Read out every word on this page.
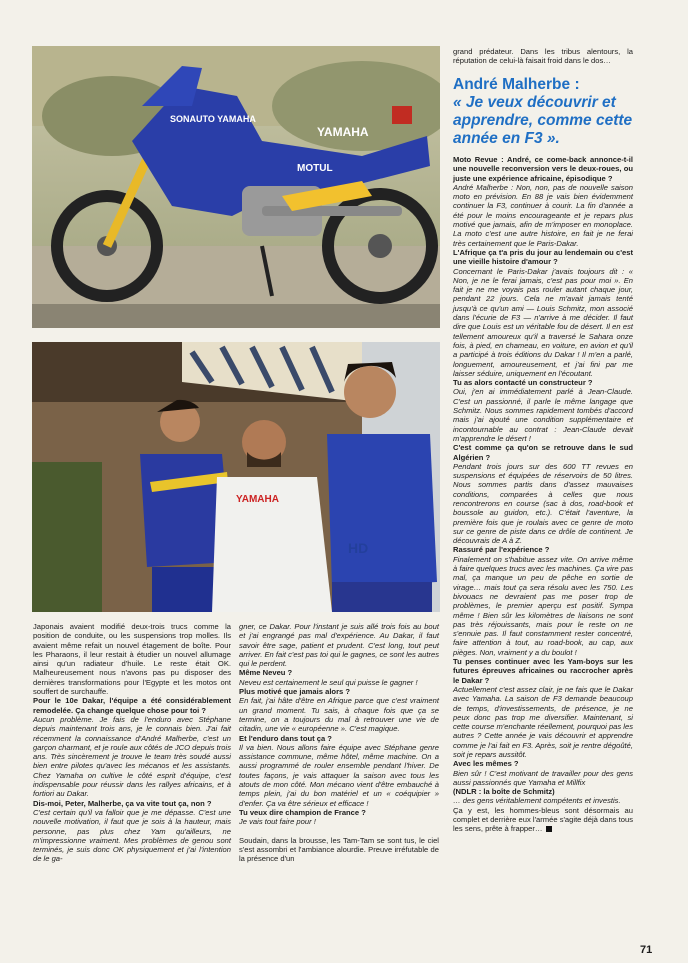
SONAUTO YAMAHA
YAMAHA
MOTUL
YAMAHA
HD
André Malherbe :
« Je veux découvrir et apprendre, comme cette année en F3 ».

grand prédateur. Dans les tribus alentours, la réputation de celui-là faisait froid dans le dos…

Moto Revue : André, ce come-back annonce-t-il une nouvelle reconversion vers le deux-roues, ou juste une expérience africaine, épisodique ?

André Malherbe : Non, non, pas de nouvelle saison moto en prévision. En 88 je vais bien évidemment continuer la F3, continuer à courir. La fin d'année a été pour le moins encourageante et je repars plus motivé que jamais, afin de m'imposer en monoplace. La moto c'est une autre histoire, en fait je ne ferai très certainement que le Paris-Dakar.

L'Afrique ça t'a pris du jour au lendemain ou c'est une vieille histoire d'amour ?

Concernant le Paris-Dakar j'avais toujours dit : « Non, je ne le ferai jamais, c'est pas pour moi ». En fait je ne me voyais pas rouler autant chaque jour, pendant 22 jours. Cela ne m'avait jamais tenté jusqu'à ce qu'un ami — Louis Schmitz, mon associé dans l'écurie de F3 — n'arrive à me décider. Il faut dire que Louis est un véritable fou de désert. Il en est tellement amoureux qu'il a traversé le Sahara onze fois, à pied, en chameau, en voiture, en avion et qu'il a participé à trois éditions du Dakar ! Il m'en a parlé, longuement, amoureusement, et j'ai fini par me laisser séduire, uniquement en l'écoutant.

Tu as alors contacté un constructeur ?

Oui, j'en ai immédiatement parlé à Jean-Claude. C'est un passionné, il parle le même langage que Schmitz. Nous sommes rapidement tombés d'accord mais j'ai ajouté une condition supplémentaire et incontournable au contrat : Jean-Claude devait m'apprendre le désert !

C'est comme ça qu'on se retrouve dans le sud Algérien ?

Pendant trois jours sur des 600 TT revues en suspensions et équipées de réservoirs de 50 litres. Nous sommes partis dans d'assez mauvaises conditions, comparées à celles que nous rencontrerons en course (sac à dos, road-book et boussole au guidon, etc.). C'était l'aventure, la première fois que je roulais avec ce genre de moto sur ce genre de piste dans ce drôle de continent. Je découvrais de A à Z.

Rassuré par l'expérience ?

Finalement on s'habitue assez vite. On arrive même à faire quelques trucs avec les machines. Ça vire pas mal, ça manque un peu de pêche en sortie de virage… mais tout ça sera résolu avec les 750. Les bivouacs ne devraient pas me poser trop de problèmes, le premier aperçu est positif. Sympa même ! Bien sûr les kilomètres de liaisons ne sont pas très réjouissants, mais pour le reste on ne s'ennuie pas. Il faut constamment rester concentré, faire attention à tout, au road-book, au cap, aux pièges. Non, vraiment y a du boulot !

Tu penses continuer avec les Yam-boys sur les futures épreuves africaines ou raccrocher après le Dakar ?

Actuellement c'est assez clair, je ne fais que le Dakar avec Yamaha. La saison de F3 demande beaucoup de temps, d'investissements, de présence, je ne peux donc pas trop me diversifier. Maintenant, si cette course m'enchante réellement, pourquoi pas les autres ? Cette année je vais découvrir et apprendre comme je l'ai fait en F3. Après, soit je rentre dégoûté, soit je repars aussitôt.

Avec les mêmes ?

Bien sûr ! C'est motivant de travailler pour des gens aussi passionnés que Yamaha et Millfix

(NDLR : la boîte de Schmitz)

… des gens véritablement compétents et investis.

Ça y est, les hommes-bleus sont désormais au complet et derrière eux l'armée s'agite déjà dans tous les sens, prête à frapper…

Japonais avaient modifié deux-trois trucs comme la position de conduite, ou les suspensions trop molles. Ils avaient même refait un nouvel étagement de boîte. Pour les Pharaons, il leur restait à étudier un nouvel allumage ainsi qu'un radiateur d'huile. Le reste était OK. Malheureusement nous n'avons pas pu disposer des dernières transformations pour l'Egypte et les motos ont souffert de surchauffe.

Pour le 10e Dakar, l'équipe a été considérablement remodelée. Ça change quelque chose pour toi ?

Aucun problème. Je fais de l'enduro avec Stéphane depuis maintenant trois ans, je le connais bien. J'ai fait récemment la connaissance d'André Malherbe, c'est un garçon charmant, et je roule aux côtés de JCO depuis trois ans. Très sincèrement je trouve le team très soudé aussi bien entre pilotes qu'avec les mécanos et les assistants. Chez Yamaha on cultive le côté esprit d'équipe, c'est indispensable pour réussir dans les rallyes africains, et à fortiori au Dakar.

Dis-moi, Peter, Malherbe, ça va vite tout ça, non ?

C'est certain qu'il va falloir que je me dépasse. C'est une nouvelle motivation, il faut que je sois à la hauteur, mais personne, pas plus chez Yam qu'ailleurs, ne m'impressionne vraiment. Mes problèmes de genou sont terminés, je suis donc OK physiquement et j'ai l'intention de le ga-

gner, ce Dakar. Pour l'instant je suis allé trois fois au bout et j'ai engrangé pas mal d'expérience. Au Dakar, il faut savoir être sage, patient et prudent. C'est long, tout peut arriver. En fait c'est pas toi qui le gagnes, ce sont les autres qui le perdent.

Même Neveu ?

Neveu est certainement le seul qui puisse le gagner !

Plus motivé que jamais alors ?

En fait, j'ai hâte d'être en Afrique parce que c'est vraiment un grand moment. Tu sais, à chaque fois que ça se termine, on a toujours du mal à retrouver une vie de citadin, une vie « européenne ». C'est magique.

Et l'enduro dans tout ça ?

Il va bien. Nous allons faire équipe avec Stéphane genre assistance commune, même hôtel, même machine. On a aussi programmé de rouler ensemble pendant l'hiver. De toutes façons, je vais attaquer la saison avec tous les atouts de mon côté. Mon mécano vient d'être embauché à temps plein, j'ai du bon matériel et un « coéquipier » d'enfer. Ça va être sérieux et efficace !

Tu veux dire champion de France ?

Je vais tout faire pour !

Soudain, dans la brousse, les Tam-Tam se sont tus, le ciel s'est assombri et l'ambiance alourdie. Preuve irréfutable de la présence d'un

71
